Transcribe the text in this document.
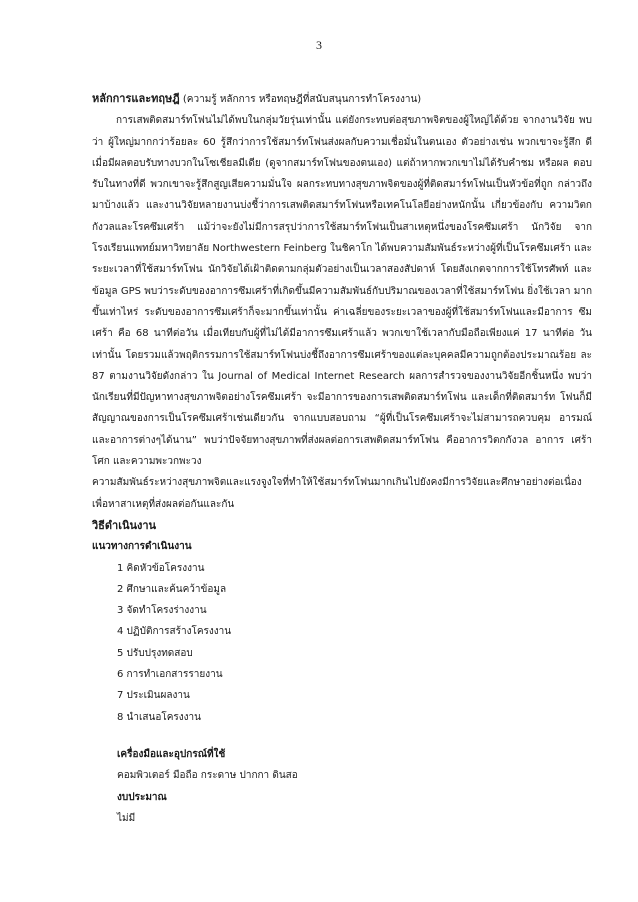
3

หลักการและทฤษฎี (ความรู้ หลักการ หรือทฤษฎีที่สนับสนุนการทำโครงงาน)

การเสพติดสมาร์ทโฟนไม่ได้พบในกลุ่มวัยรุ่นเท่านั้น แต่ยังกระทบต่อสุขภาพจิตของผู้ใหญ่ได้ด้วย จากงานวิจัย พบว่า ผู้ใหญ่มากกว่าร้อยละ 60 รู้สึกว่าการใช้สมาร์ทโฟนส่งผลกับความเชื่อมั่นในตนเอง ตัวอย่างเช่น พวกเขาจะรู้สึก ดีเมื่อมีผลตอบรับทางบวกในโซเชียลมีเดีย (ดูจากสมาร์ทโฟนของตนเอง) แต่ถ้าหากพวกเขาไม่ได้รับคำชม หรือผล ตอบรับในทางที่ดี พวกเขาจะรู้สึกสูญเสียความมั่นใจ ผลกระทบทางสุขภาพจิตของผู้ที่ติดสมาร์ทโฟนเป็นหัวข้อที่ถูก กล่าวถึงมาบ้างแล้ว และงานวิจัยหลายงานบ่งชี้ว่าการเสพติดสมาร์ทโฟนหรือเทคโนโลยีอย่างหนักนั้น เกี่ยวข้องกับ ความวิตกกังวลและโรคซึมเศร้า แม้ว่าจะยังไม่มีการสรุปว่าการใช้สมาร์ทโฟนเป็นสาเหตุหนึ่งของโรคซึมเศร้า นักวิจัย จากโรงเรียนแพทย์มหาวิทยาลัย Northwestern Feinberg ในชิคาโก ได้พบความสัมพันธ์ระหว่างผู้ที่เป็นโรคซึมเศร้า และระยะเวลาที่ใช้สมาร์ทโฟน นักวิจัยได้เฝ้าติดตามกลุ่มตัวอย่างเป็นเวลาสองสัปดาห์ โดยสังเกตจากการใช้โทรศัพท์ และข้อมูล GPS พบว่าระดับของอาการซึมเศร้าที่เกิดขึ้นมีความสัมพันธ์กับปริมาณของเวลาที่ใช้สมาร์ทโฟน ยิ่งใช้เวลา มากขึ้นเท่าไหร่ ระดับของอาการซึมเศร้าก็จะมากขึ้นเท่านั้น ค่าเฉลี่ยของระยะเวลาของผู้ที่ใช้สมาร์ทโฟนและมีอาการ ซึมเศร้า คือ 68 นาทีต่อวัน เมื่อเทียบกับผู้ที่ไม่ได้มีอาการซึมเศร้าแล้ว พวกเขาใช้เวลากับมือถือเพียงแค่ 17 นาทีต่อ วันเท่านั้น โดยรวมแล้วพฤติกรรมการใช้สมาร์ทโฟนบ่งชี้ถึงอาการซึมเศร้าของแต่ละบุคคลมีความถูกต้องประมาณร้อย ละ 87 ตามงานวิจัยดังกล่าว ใน Journal of Medical Internet Research ผลการสำรวจของงานวิจัยอีกชิ้นหนึ่ง พบว่านักเรียนที่มีปัญหาทางสุขภาพจิตอย่างโรคซึมเศร้า จะมีอาการของการเสพติดสมาร์ทโฟน และเด็กที่ติดสมาร์ท โฟนก็มีสัญญาณของการเป็นโรคซึมเศร้าเช่นเดียวกัน จากแบบสอบถาม “ผู้ที่เป็นโรคซึมเศร้าจะไม่สามารถควบคุม อารมณ์และอาการต่างๆได้นาน” พบว่าปัจจัยทางสุขภาพที่ส่งผลต่อการเสพติดสมาร์ทโฟน คืออาการวิตกกังวล อาการ เศร้าโศก และความพะวกพะวง

ความสัมพันธ์ระหว่างสุขภาพจิตและแรงจูงใจที่ทำให้ใช้สมาร์ทโฟนมากเกินไปยังคงมีการวิจัยและศึกษาอย่างต่อเนื่อง เพื่อหาสาเหตุที่ส่งผลต่อกันและกัน

วิธีดำเนินงาน

แนวทางการดำเนินงาน

1 คิดหัวข้อโครงงาน
2 ศึกษาและค้นคว้าข้อมูล
3 จัดทำโครงร่างงาน
4 ปฏิบัติการสร้างโครงงาน
5 ปรับปรุงทดสอบ
6 การทำเอกสารรายงาน
7 ประเมินผลงาน
8 นำเสนอโครงงาน

เครื่องมือและอุปกรณ์ที่ใช้

คอมพิวเตอร์ มือถือ กระดาษ ปากกา ดินสอ

งบประมาณ

ไม่มี
